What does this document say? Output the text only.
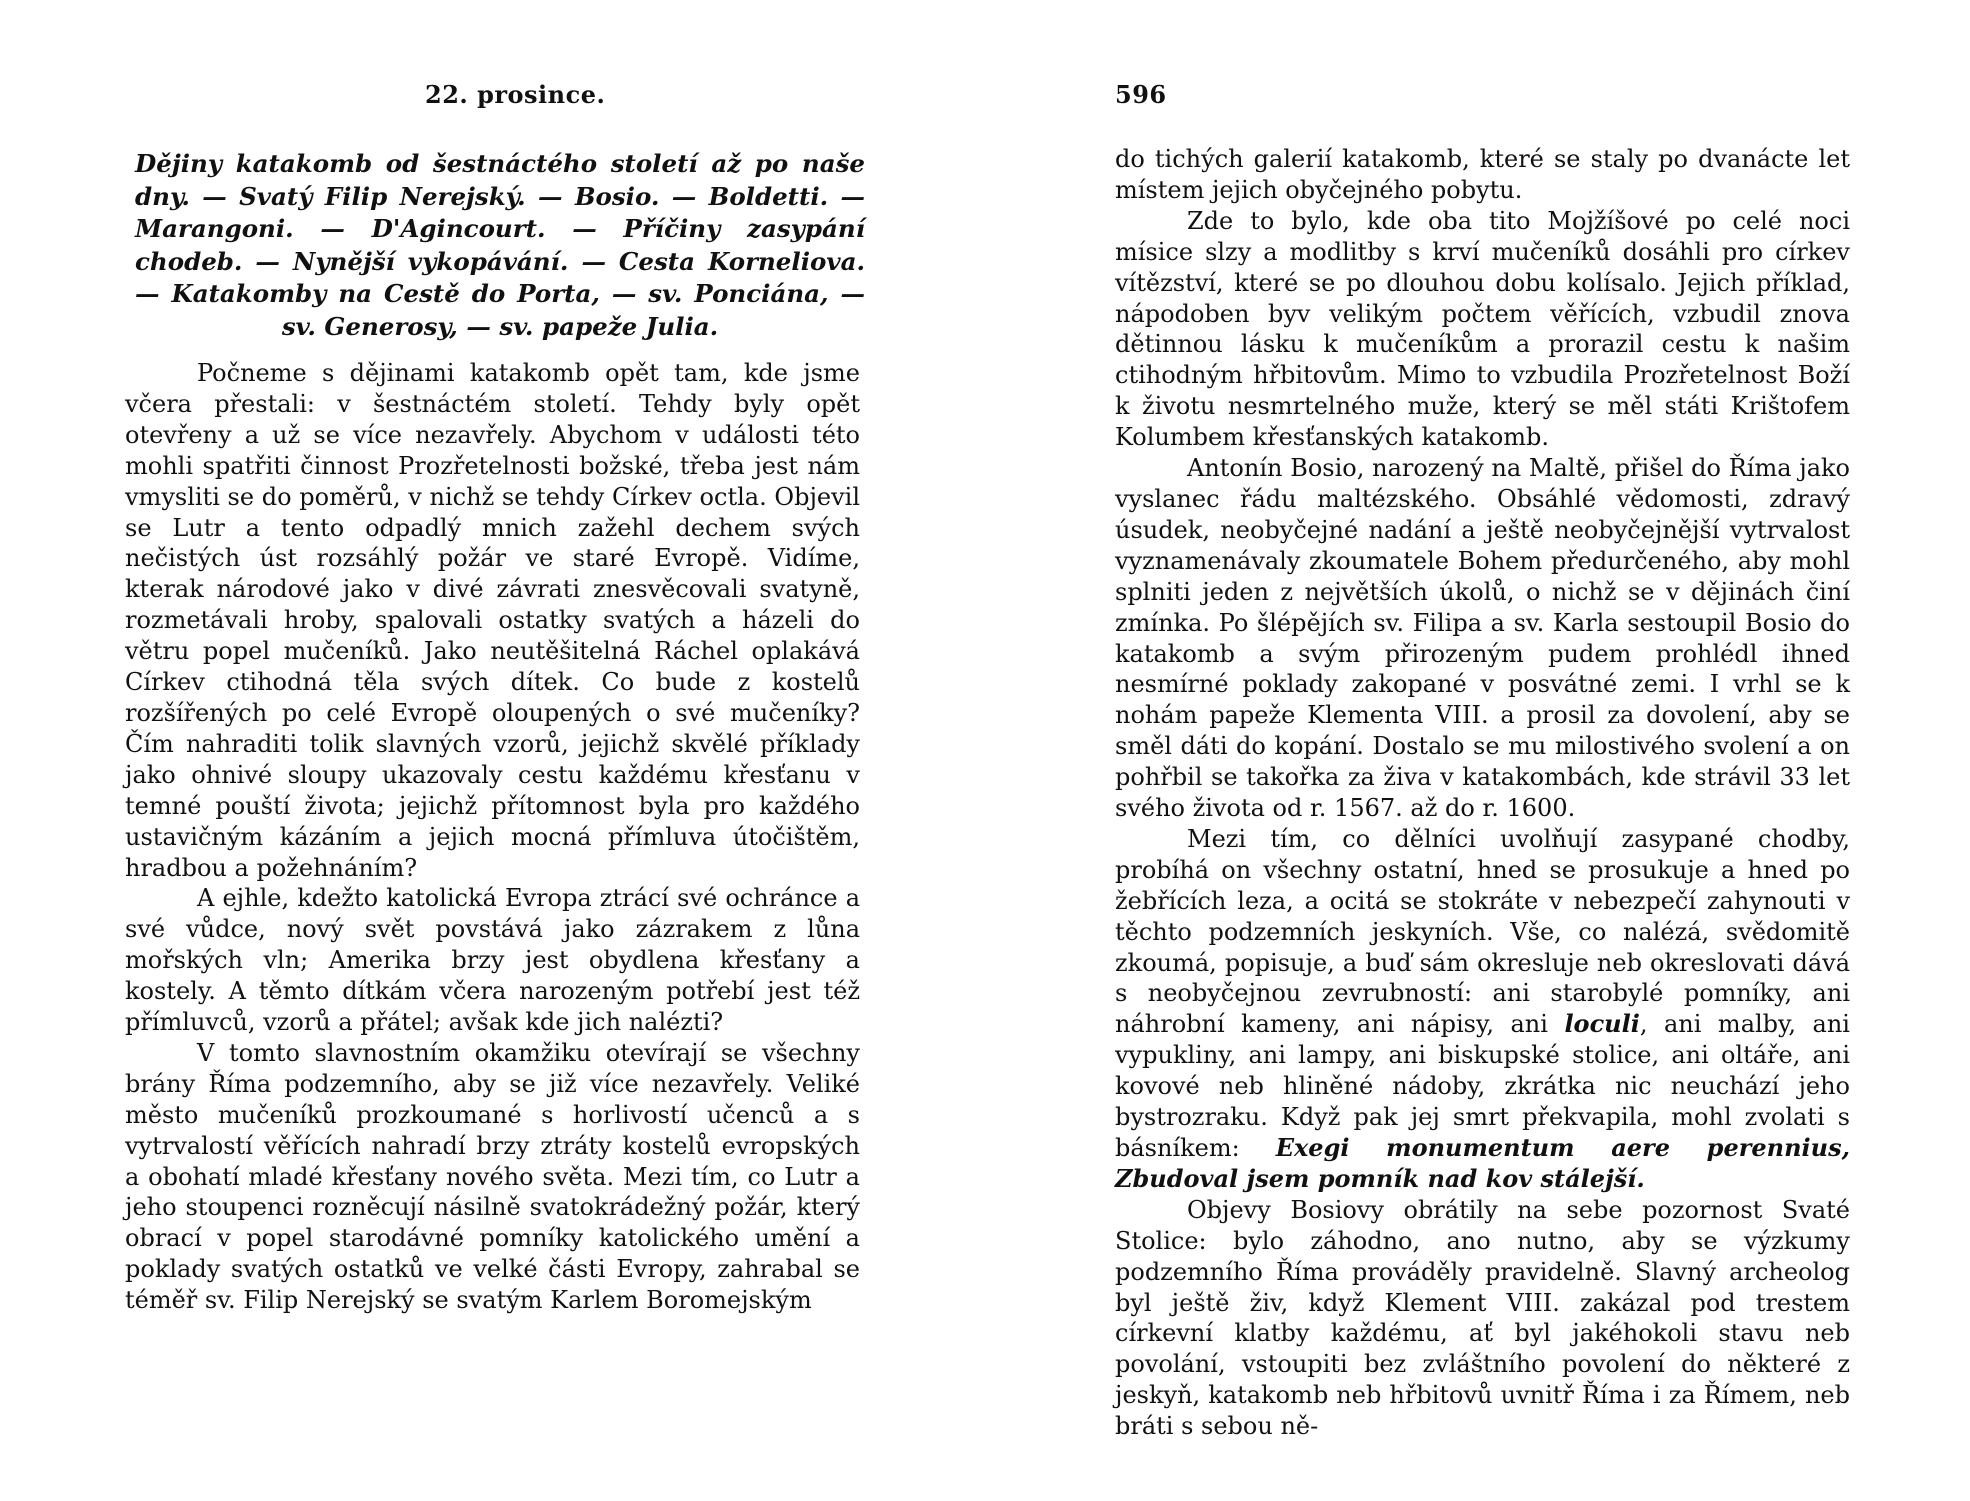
22. prosince.
Dějiny katakomb od šestnáctého století až po naše dny. — Svatý Filip Nerejský. — Bosio. — Boldetti. — Marangoni. — D'Agincourt. — Příčiny zasypání chodeb. — Nynější vykopávání. — Cesta Korneliova. — Katakomby na Cestě do Porta, — sv. Ponciána, — sv. Generosy, — sv. papeže Julia.

Počneme s dějinami katakomb opět tam, kde jsme včera přestali: v šestnáctém století. Tehdy byly opět otevřeny a už se více nezavřely. Abychom v události této mohli spatřiti činnost Prozřetelnosti božské, třeba jest nám vmysliti se do poměrů, v nichž se tehdy Církev octla. Objevil se Lutr a tento odpadlý mnich zažehl dechem svých nečistých úst rozsáhlý požár ve staré Evropě. Vidíme, kterak národové jako v divé závrati znesvěcovali svatyně, rozmetávali hroby, spalovali ostatky svatých a házeli do větru popel mučeníků. Jako neutěšitelná Ráchel oplakává Církev ctihodná těla svých dítek. Co bude z kostelů rozšířených po celé Evropě oloupených o své mučeníky? Čím nahraditi tolik slavných vzorů, jejichž skvělé příklady jako ohnivé sloupy ukazovaly cestu každému křesťanu v temné pouští života; jejichž přítomnost byla pro každého ustavičným kázáním a jejich mocná přímluva útočištěm, hradbou a požehnáním?

A ejhle, kdežto katolická Evropa ztrácí své ochránce a své vůdce, nový svět povstává jako zázrakem z lůna mořských vln; Amerika brzy jest obydlena křesťany a kostely. A těmto dítkám včera narozeným potřebí jest též přímluvců, vzorů a přátel; avšak kde jich nalézti?

V tomto slavnostním okamžiku otevírají se všechny brány Říma podzemního, aby se již více nezavřely. Veliké město mučeníků prozkoumané s horlivostí učenců a s vytrvalostí věřících nahradí brzy ztráty kostelů evropských a obohatí mladé křesťany nového světa. Mezi tím, co Lutr a jeho stoupenci rozněcují násilně svatokrádežný požár, který obrací v popel starodávné pomníky katolického umění a poklady svatých ostatků ve velké části Evropy, zahrabal se téměř sv. Filip Nerejský se svatým Karlem Boromejským

596

do tichých galerií katakomb, které se staly po dvanácte let místem jejich obyčejného pobytu.

Zde to bylo, kde oba tito Mojžíšové po celé noci mísice slzy a modlitby s krví mučeníků dosáhli pro církev vítězství, které se po dlouhou dobu kolísalo. Jejich příklad, nápodoben byv velikým počtem věřících, vzbudil znova dětinnou lásku k mučeníkům a prorazil cestu k našim ctihodným hřbitovům. Mimo to vzbudila Prozřetelnost Boží k životu nesmrtelného muže, který se měl státi Krištofem Kolumbem křesťanských katakomb.

Antonín Bosio, narozený na Maltě, přišel do Říma jako vyslanec řádu maltézského. Obsáhlé vědomosti, zdravý úsudek, neobyčejné nadání a ještě neobyčejnější vytrvalost vyznamenávaly zkoumatele Bohem předurčeného, aby mohl splniti jeden z největších úkolů, o nichž se v dějinách činí zmínka. Po šlépějích sv. Filipa a sv. Karla sestoupil Bosio do katakomb a svým přirozeným pudem prohlédl ihned nesmírné poklady zakopané v posvátné zemi. I vrhl se k nohám papeže Klementa VIII. a prosil za dovolení, aby se směl dáti do kopání. Dostalo se mu milostivého svolení a on pohřbil se takořka za živa v katakombách, kde strávil 33 let svého života od r. 1567. až do r. 1600.

Mezi tím, co dělníci uvolňují zasypané chodby, probíhá on všechny ostatní, hned se prosukuje a hned po žebřících leza, a ocitá se stokráte v nebezpečí zahynouti v těchto podzemních jeskyních. Vše, co nalézá, svědomitě zkoumá, popisuje, a buď sám okresluje neb okreslovati dává s neobyčejnou zevrubností: ani starobylé pomníky, ani náhrobní kameny, ani nápisy, ani loculi, ani malby, ani vypukliny, ani lampy, ani biskupské stolice, ani oltáře, ani kovové neb hliněné nádoby, zkrátka nic neuchází jeho bystrozraku. Když pak jej smrt překvapila, mohl zvolati s básníkem: Exegi monumentum aere perennius, Zbudoval jsem pomník nad kov stálejší.

Objevy Bosiovy obrátily na sebe pozornost Svaté Stolice: bylo záhodno, ano nutno, aby se výzkumy podzemního Říma prováděly pravidelně. Slavný archeolog byl ještě živ, když Klement VIII. zakázal pod trestem církevní klatby každému, ať byl jakéhokoli stavu neb povolání, vstoupiti bez zvláštního povolení do některé z jeskyň, katakomb neb hřbitovů uvnitř Říma i za Římem, neb bráti s sebou ně-
